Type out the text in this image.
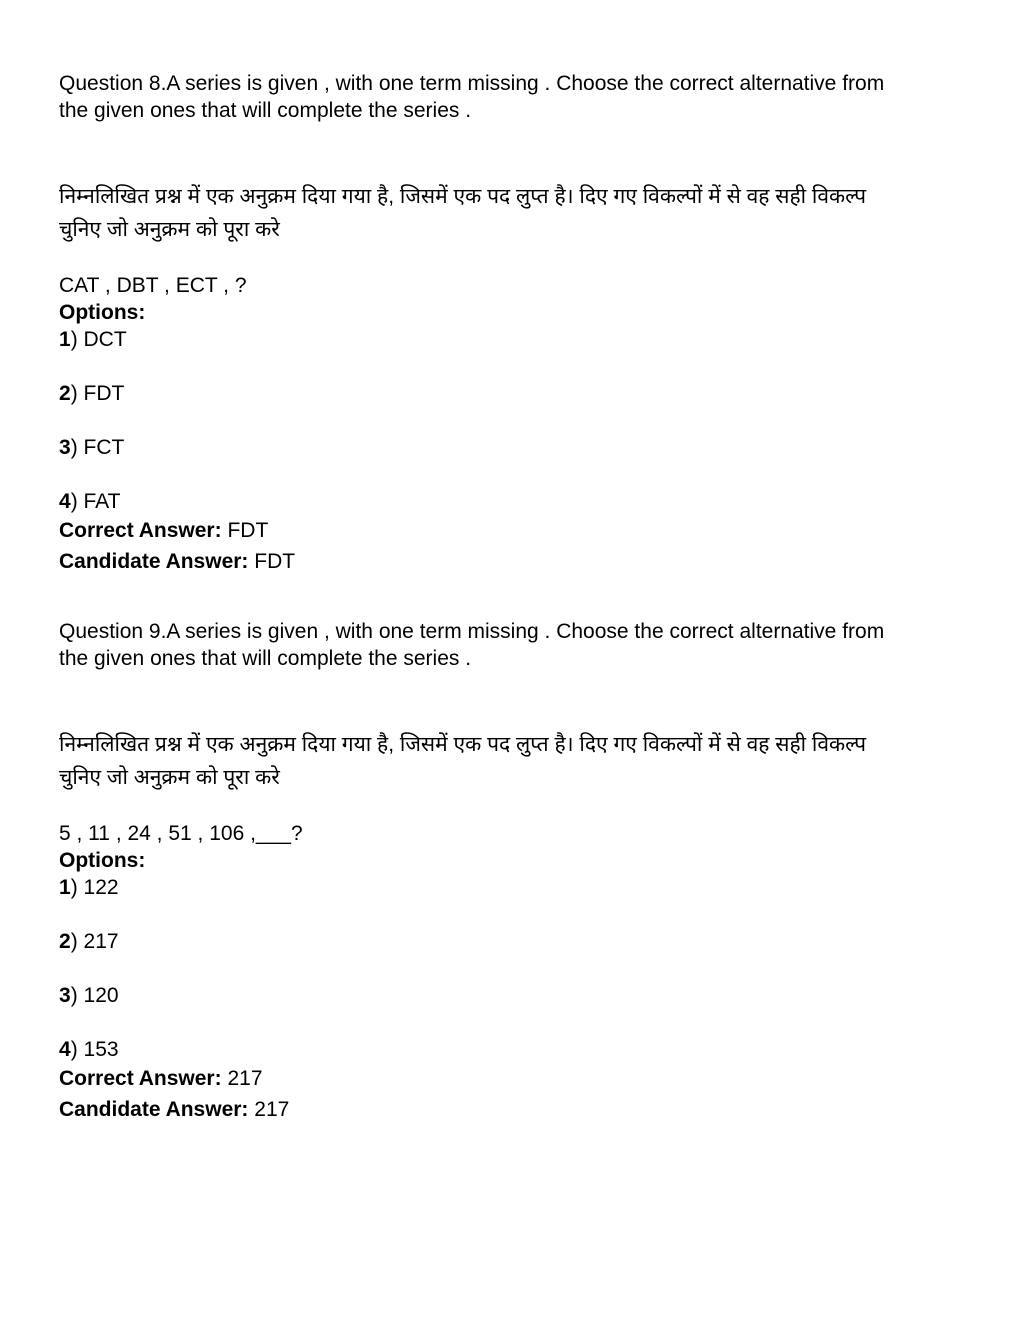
Question 8.A series is given , with one term missing . Choose the correct alternative from the given ones that will complete the series .

निम्नलिखित प्रश्न में एक अनुक्रम दिया गया है, जिसमें एक पद लुप्त है। दिए गए विकल्पों में से वह सही विकल्प चुनिए जो अनुक्रम को पूरा करे

CAT , DBT , ECT , ?

Options:

1) DCT

2) FDT

3) FCT

4) FAT

Correct Answer: FDT

Candidate Answer: FDT

Question 9.A series is given , with one term missing . Choose the correct alternative from the given ones that will complete the series .

निम्नलिखित प्रश्न में एक अनुक्रम दिया गया है, जिसमें एक पद लुप्त है। दिए गए विकल्पों में से वह सही विकल्प चुनिए जो अनुक्रम को पूरा करे

5 , 11 , 24 , 51 , 106 ,___?

Options:

1) 122

2) 217

3) 120

4) 153

Correct Answer: 217

Candidate Answer: 217
